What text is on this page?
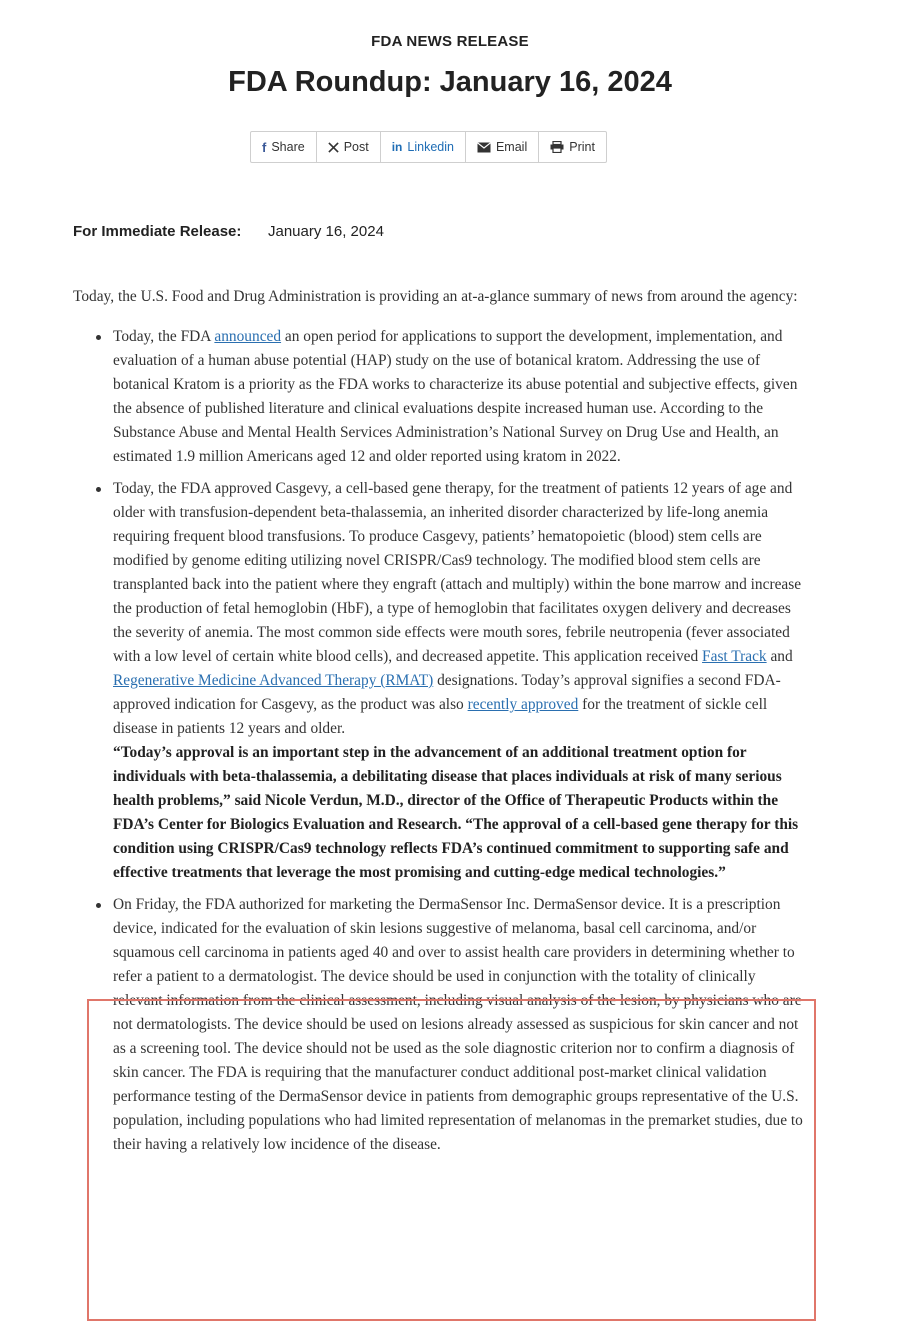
FDA NEWS RELEASE
FDA Roundup: January 16, 2024
f Share	Post in Linkedin	Email	Print
For Immediate Release: January 16, 2024

Today, the U.S. Food and Drug Administration is providing an at-a-glance summary of news from around the agency:

Today, the FDA announced an open period for applications to support the development, implementation, and evaluation of a human abuse potential (HAP) study on the use of botanical kratom. Addressing the use of botanical Kratom is a priority as the FDA works to characterize its abuse potential and subjective effects, given the absence of published literature and clinical evaluations despite increased human use. According to the Substance Abuse and Mental Health Services Administration’s National Survey on Drug Use and Health, an estimated 1.9 million Americans aged 12 and older reported using kratom in 2022.
Today, the FDA approved Casgevy, a cell-based gene therapy, for the treatment of patients 12 years of age and older with transfusion-dependent beta-thalassemia, an inherited disorder characterized by life-long anemia requiring frequent blood transfusions. To produce Casgevy, patients’ hematopoietic (blood) stem cells are modified by genome editing utilizing novel CRISPR/Cas9 technology. The modified blood stem cells are transplanted back into the patient where they engraft (attach and multiply) within the bone marrow and increase the production of fetal hemoglobin (HbF), a type of hemoglobin that facilitates oxygen delivery and decreases the severity of anemia. The most common side effects were mouth sores, febrile neutropenia (fever associated with a low level of certain white blood cells), and decreased appetite. This application received Fast Track and Regenerative Medicine Advanced Therapy (RMAT) designations. Today’s approval signifies a second FDA-approved indication for Casgevy, as the product was also recently approved for the treatment of sickle cell disease in patients 12 years and older.
“Today’s approval is an important step in the advancement of an additional treatment option for individuals with beta-thalassemia, a debilitating disease that places individuals at risk of many serious health problems,” said Nicole Verdun, M.D., director of the Office of Therapeutic Products within the FDA’s Center for Biologics Evaluation and Research. “The approval of a cell-based gene therapy for this condition using CRISPR/Cas9 technology reflects FDA’s continued commitment to supporting safe and effective treatments that leverage the most promising and cutting-edge medical technologies.”
On Friday, the FDA authorized for marketing the DermaSensor Inc. DermaSensor device. It is a prescription device, indicated for the evaluation of skin lesions suggestive of melanoma, basal cell carcinoma, and/or squamous cell carcinoma in patients aged 40 and over to assist health care providers in determining whether to refer a patient to a dermatologist. The device should be used in conjunction with the totality of clinically relevant information from the clinical assessment, including visual analysis of the lesion, by physicians who are not dermatologists. The device should be used on lesions already assessed as suspicious for skin cancer and not as a screening tool. The device should not be used as the sole diagnostic criterion nor to confirm a diagnosis of skin cancer. The FDA is requiring that the manufacturer conduct additional post-market clinical validation performance testing of the DermaSensor device in patients from demographic groups representative of the U.S. population, including populations who had limited representation of melanomas in the premarket studies, due to their having a relatively low incidence of the disease.
